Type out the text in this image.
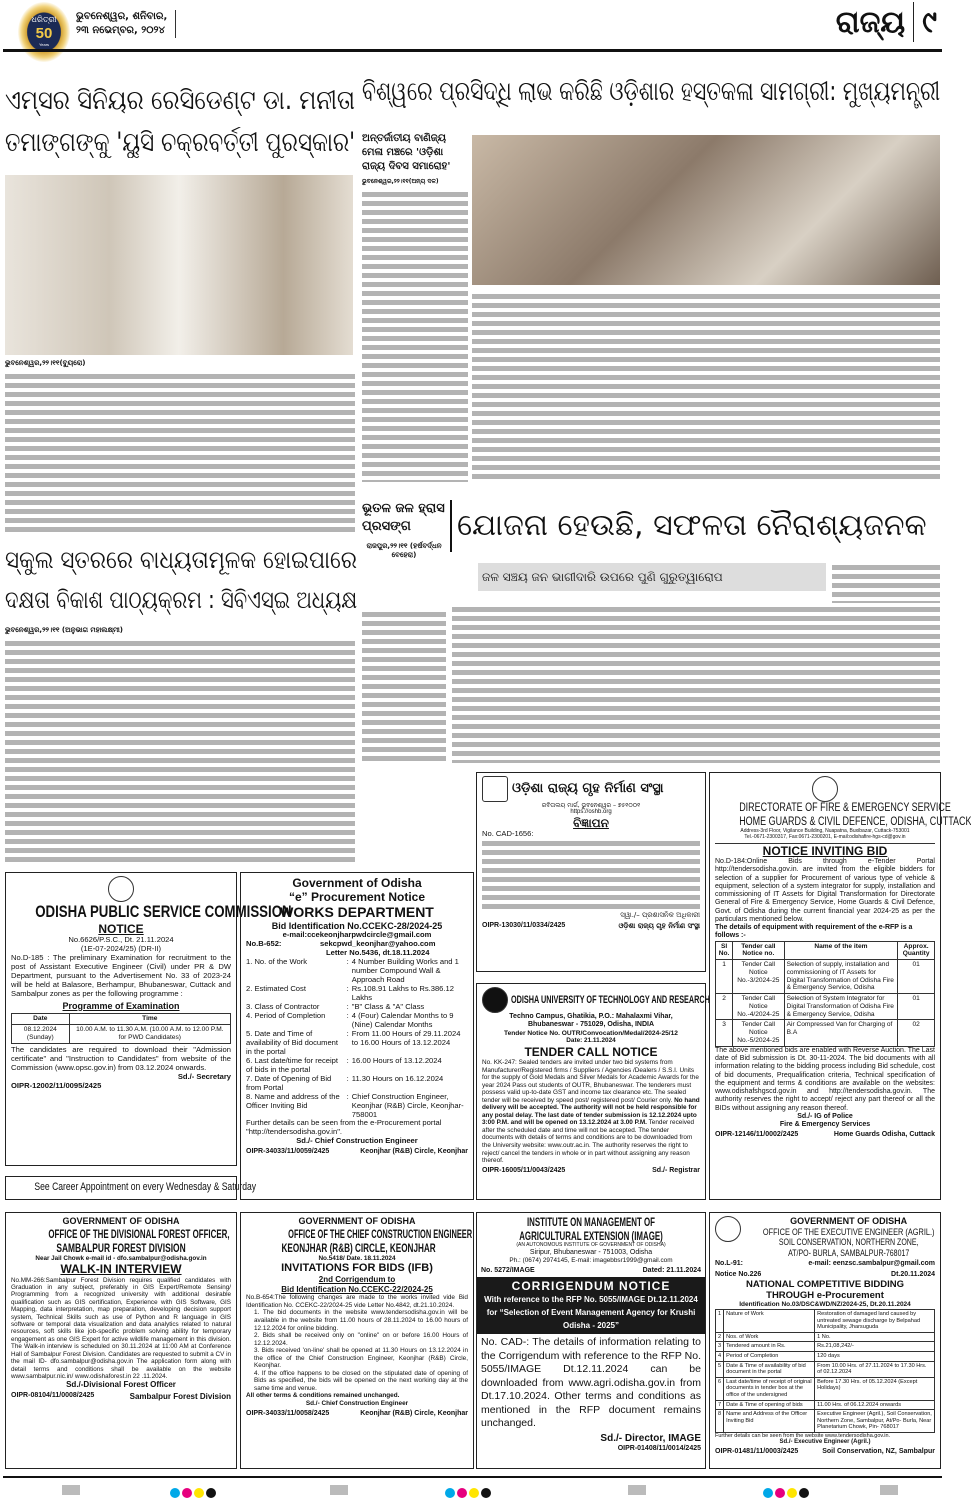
ଧରିତ୍ରୀ
50
Years
ଭୁବନେଶ୍ୱର, ଶନିବାର,
୨୩ ନଭେମ୍ବର, ୨୦୨୪	ରାଜ୍ୟ ୯
ଏମ୍‌ସର ସିନିୟର ରେସିଡେଣ୍ଟ ଡା. ମନୀତା
ତମାଙ୍ଗଙ୍କୁ 'ୟୁସି ଚକ୍ରବର୍ତ୍ତୀ ପୁରସ୍କାର'
ଭୁବନେଶ୍ୱର,୨୨।୧୧(ବ୍ୟୁରୋ)
ସ୍କୁଲ ସ୍ତରରେ ବାଧ୍ୟତାମୂଳକ ହୋଇପାରେ
ଦକ୍ଷତା ବିକାଶ ପାଠ୍ୟକ୍ରମ : ସିବିଏସ୍‌ଇ ଅଧ୍ୟକ୍ଷ
ଭୁବନେଶ୍ୱର,୨୨।୧୧ (ଅନୁଭାଗ ମହାଲକ୍ଷ୍ମୀ)
ବିଶ୍ୱରେ ପ୍ରସିଦ୍ଧି ଲାଭ କରିଛି ଓଡ଼ିଶାର ହସ୍ତକଳା ସାମଗ୍ରୀ: ମୁଖ୍ୟମନ୍ତ୍ରୀ
ଅନ୍ତର୍ଜାତୀୟ ବାଣିଜ୍ୟ ମେଳା ମଞ୍ଚରେ 'ଓଡ଼ିଶା ରାଜ୍ୟ ଦିବସ ସମାରୋହ'
ଭୁବନେଶ୍ୱର,୨୨।୧୧(ଅନ୍ୟ ଦଳ)
ଭୂତଳ ଜଳ ହ୍ରାସ ପ୍ରସଙ୍ଗ
ରାଜପୁର,୨୨।୧୧ (ହର୍ଷବର୍ଦ୍ଧନ ବେହେରା)
ଯୋଜନା ହେଉଛି, ସଫଳତା ନୈରାଶ୍ୟଜନକ
ଜଳ ସଞ୍ଚୟ ଜନ ଭାଗୀଦାରି ଉପରେ ପୁଣି ଗୁରୁତ୍ୱାରୋପ
ODISHA PUBLIC SERVICE COMMISSION
NOTICE
No.6626/P.S.C., Dt. 21.11.2024
(1E-07-2024/25) (DR-II)
No.D-185 : The preliminary Examination for recruitment to the post of Assistant Executive Engineer (Civil) under PR & DW Department, pursuant to the Advertisement No. 33 of 2023-24 will be held at Balasore, Berhampur, Bhubaneswar, Cuttack and Sambalpur zones as per the following programme :
Programme of Examination
Date	Time
08.12.2024 (Sunday)	10.00 A.M. to 11.30 A.M. (10.00 A.M. to 12.00 P.M. for PWD Candidates)
The candidates are required to download their "Admission certificate" and "Instruction to Candidates" from website of the Commission (www.opsc.gov.in) from 03.12.2024 onwards.
Sd./- Secretary
OIPR-12002/11/0095/2425
See Career Appointment on every Wednesday & Saturday
Government of Odisha
“e” Procurement Notice
WORKS DEPARTMENT
Bid Identification No.CCEKC-28/2024-25
e-mail:ccekeonjharpwdcircle@gmail.com
No.B-652:	sekcpwd_keonjhar@yahoo.com
Letter No.5436, dt.18.11.2024
1. No. of the Work	: 4 Number Building Works and 1 number Compound Wall & Approach Road
2. Estimated Cost	: Rs.108.91 Lakhs to Rs.386.12 Lakhs
3. Class of Contractor	: "B" Class & "A" Class
4. Period of Completion	: 4 (Four) Calendar Months to 9 (Nine) Calendar Months
5. Date and Time of availability of Bid document in the portal
: From 11.00 Hours of 29.11.2024 to 16.00 Hours of 13.12.2024
6. Last date/time for receipt of bids in the portal
: 16.00 Hours of 13.12.2024
7. Date of Opening of Bid from Portal
: 11.30 Hours on 16.12.2024
8. Name and address of the Officer Inviting Bid
: Chief Construction Engineer, Keonjhar (R&B) Circle, Keonjhar-758001
Further details can be seen from the e-Procurement portal "http://tendersodisha.gov.in".
Sd./- Chief Construction Engineer
OIPR-34033/11/0059/2425	Keonjhar (R&B) Circle, Keonjhar
ଓଡ଼ିଶା ରାଜ୍ୟ ଗୃହ ନିର୍ମାଣ ସଂସ୍ଥା
ରବିତାଲୟ ମାର୍ଗ, ଭୁବନେଶ୍ୱର – ୭୫୧୦୦୧
https://oshb.org
ବିଜ୍ଞାପନ
No. CAD-1656:
ସ୍ୱା./– ପ୍ରଶାସନିକ ଅଧିକାରୀ
OIPR-13030/11/0334/2425	ଓଡ଼ିଶା ରାଜ୍ୟ ଗୃହ ନିର୍ମାଣ ସଂସ୍ଥା
ODISHA UNIVERSITY OF TECHNOLOGY AND RESEARCH
Techno Campus, Ghatikia, P.O.: Mahalaxmi Vihar,
Bhubaneswar - 751029, Odisha, INDIA
Tender Notice No. OUTR/Convocation/Medal/2024-25/12
Date: 21.11.2024
TENDER CALL NOTICE
No. KK-247: Sealed tenders are invited under two bid systems from Manufacturer/Registered firms / Suppliers / Agencies /Dealers / S.S.I. Units for the supply of Gold Medals and Silver Medals for Academic Awards for the year 2024 Pass out students of OUTR, Bhubaneswar. The tenderers must possess valid up-to-date GST and income tax clearance etc. The sealed tender will be received by speed post/ registered post/ Courier only. No hand delivery will be accepted. The authority will not be held responsible for any postal delay. The last date of tender submission is 12.12.2024 upto 3:00 P.M. and will be opened on 13.12.2024 at 3.00 P.M. Tender received after the scheduled date and time will not be accepted. The tender documents with details of terms and conditions are to be downloaded from the University website: www.outr.ac.in. The authority reserves the right to reject/ cancel the tenders in whole or in part without assigning any reason thereof.
OIPR-16005/11/0043/2425	Sd./- Registrar
DIRECTORATE OF FIRE & EMERGENCY SERVICE
HOME GUARDS & CIVIL DEFENCE, ODISHA, CUTTACK
Address-3rd Floor, Vigilance Building, Nuapatna, Buxibazar, Cuttack-753001
Tel.-0671-2300317, Fax:0671-2300201, E-mail:odishafire-hgs-cd@gov.in
NOTICE INVITING BID
No.D-184:Online Bids through e-Tender Portal http://tendersodisha.gov.in. are invited from the eligible bidders for selection of a supplier for Procurement of various type of vehicle & equipment, selection of a system integrator for supply, installation and commissioning of IT Assets for Digital Transformation for Directorate General of Fire & Emergency Service, Home Guards & Civil Defence, Govt. of Odisha during the current financial year 2024-25 as per the particulars mentioned below.
The details of equipment with requirement of the e-RFP is a follows :-
Sl No.	Tender call Notice no.	Name of the item	Approx. Quantity
1	Tender Call Notice No.-3/2024-25	Selection of supply, installation and commissioning of IT Assets for Digital Transformation of Odisha Fire & Emergency Service, Odisha	01
2	Tender Call Notice No.-4/2024-25	Selection of System Integrator for Digital Transformation of Odisha Fire & Emergency Service, Odisha	01
3	Tender Call Notice No.-5/2024-25	Air Compressed Van for Charging of B.A	02
The above mentioned bids are enabled with Reverse Auction. The Last date of Bid submission is Dt. 30-11-2024. The bid documents with all information relating to the bidding process including Bid schedule, cost of bid documents, Prequalification criteria, Technical specification of the equipment and terms & conditions are available on the websites: www.odishafshgscd.gov.in and http://tendersodisha.gov.in. The authority reserves the right to accept/ reject any part thereof or all the BIDs without assigning any reason thereof.
Sd./- IG of Police
Fire & Emergency Services
OIPR-12146/11/0002/2425	Home Guards Odisha, Cuttack
GOVERNMENT OF ODISHA
OFFICE OF THE DIVISIONAL FOREST OFFICER,
SAMBALPUR FOREST DIVISION
Near Jail Chowk e-mail id - dfo.sambalpur@odisha.gov.in
WALK-IN INTERVIEW
No.MM-266:Sambalpur Forest Division requires qualified candidates with Graduation in any subject, preferably in GIS Expert/Remote Sensing/ Programming from a recognized university with additional desirable qualification such as GIS certification, Experience with GIS Software, GIS Mapping, data interpretation, map preparation, developing decision support system, Technical Skills such as use of Python and R language in GIS software or temporal data visualization and data analytics related to natural resources, soft skills like job-specific problem solving ability for temporary engagement as one GIS Expert for active wildlife management in this division. The Walk-in interview is scheduled on 30.11.2024 at 11:00 AM at Conference Hall of Sambalpur Forest Division. Candidates are requested to submit a CV in the mail ID- dfo.sambalpur@odisha.gov.in The application form along with detail terms and conditions shall be available on the website www.sambalpur.nic.in/ www.odishaforest.in 22 .11.2024.
Sd./-Divisional Forest Officer
OIPR-08104/11/0008/2425	Sambalpur Forest Division
GOVERNMENT OF ODISHA
OFFICE OF THE CHIEF CONSTRUCTION ENGINEER
KEONJHAR (R&B) CIRCLE, KEONJHAR
No.5418/ Date. 18.11.2024
INVITATIONS FOR BIDS (IFB)
2nd Corrigendum to
Bid Identification No.CCEKC-22/2024-25
No.B-654:The following changes are made to the works invited vide Bid Identification No. CCEKC-22/2024-25 vide Letter No.4842, dt.21.10.2024.
1. The bid documents in the website www.tendersodisha.gov.in will be available in the website from 11.00 hours of 28.11.2024 to 16.00 hours of 12.12.2024 for online bidding.
2. Bids shall be received only on "online" on or before 16.00 Hours of 12.12.2024.
3. Bids received 'on-line' shall be opened at 11.30 Hours on 13.12.2024 in the office of the Chief Construction Engineer, Keonjhar (R&B) Circle, Keonjhar.
4. If the office happens to be closed on the stipulated date of opening of Bids as specified, the bids will be opened on the next working day at the same time and venue.
All other terms & conditions remained unchanged.
Sd./- Chief Construction Engineer
OIPR-34033/11/0058/2425	Keonjhar (R&B) Circle, Keonjhar
INSTITUTE ON MANAGEMENT OF
AGRICULTURAL EXTENSION (IMAGE)
(AN AUTONOMOUS INSTITUTE OF GOVERNMENT OF ODISHA)
Siripur, Bhubaneswar - 751003, Odisha
Ph.: (0674) 2974145, E-mail: imagebbsr1999@gmail.com
No. 5272/IMAGE	Dated: 21.11.2024
CORRIGENDUM NOTICE
With reference to the RFP No. 5055/IMAGE Dt.12.11.2024 for “Selection of Event Management Agency for Krushi Odisha - 2025”
No. CAD-: The details of information relating to the Corrigendum with reference to the RFP No. 5055/IMAGE Dt.12.11.2024 can be downloaded from www.agri.odisha.gov.in from Dt.17.10.2024. Other terms and conditions as mentioned in the RFP document remains unchanged.
Sd./- Director, IMAGE
OIPR-01408/11/0014/2425
GOVERNMENT OF ODISHA
OFFICE OF THE EXECUTIVE ENGINEER (AGRIL.)
SOIL CONSERVATION, NORTHERN ZONE,
AT/PO- BURLA, SAMBALPUR-768017
No.L-91:	e-mail: eenzsc.sambalpur@gmail.com
Notice No.226	Dt.20.11.2024
NATIONAL COMPETITIVE BIDDING
THROUGH e-Procurement
Identification No.03/DSC&WD/NZ/2024-25, Dt.20.11.2024
1	Nature of Work	Restoration of damaged land caused by untreated sewage discharge by Belpahad Municipality, Jharsuguda
2	Nos. of Work	1 No.
3	Tendered amount in Rs.	Rs.21,08,242/-
4	Period of Completion	120 days
5	Date & Time of availability of bid document in the portal	From 10.00 Hrs. of 27.11.2024 to 17.30 Hrs. of 02.12.2024
6	Last date/time of receipt of original documents in tender box at the office of the undersigned	Before 17.30 Hrs. of 05.12.2024 (Except Holidays)
7	Date & Time of opening of bids	11.00 Hrs. of 06.12.2024 onwards
8	Name and Address of the Officer Inviting Bid	Executive Engineer (Agril.), Soil Conservation, Northern Zone, Sambalpur, At/Po- Burla, Near Planetarium Chowk, Pin- 768017
Further details can be seen from the website www.tendersodisha.gov.in.
Sd./- Executive Engineer (Agril.)
OIPR-01481/11/0003/2425	Soil Conservation, NZ, Sambalpur
